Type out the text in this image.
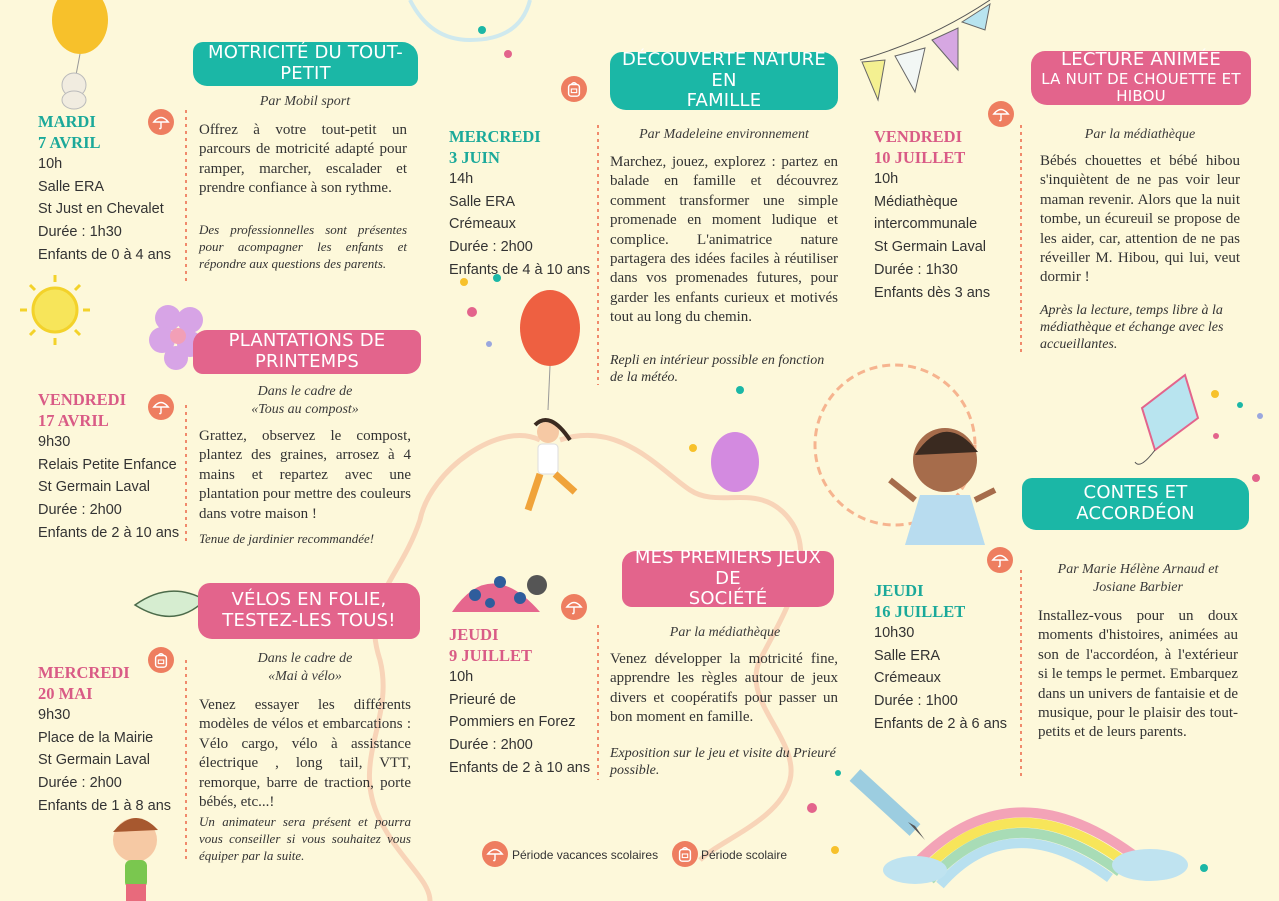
MOTRICITÉ DU TOUT-PETIT
Par Mobil sport
MARDI
7 AVRIL
10h
Salle ERA
St Just en Chevalet
Durée : 1h30
Enfants de 0 à 4 ans
Offrez à votre tout-petit un parcours de motricité adapté pour ramper, marcher, escalader et prendre confiance à son rythme.
Des professionnelles sont présentes pour acompagner les enfants et répondre aux questions des parents.
PLANTATIONS DE PRINTEMPS
Dans le cadre de
«Tous au compost»
VENDREDI
17 AVRIL
9h30
Relais Petite Enfance
St Germain Laval
Durée : 2h00
Enfants de 2 à 10 ans
Grattez, observez le compost, plantez des graines, arrosez à 4 mains et repartez avec une plantation pour mettre des couleurs dans votre maison !
Tenue de jardinier recommandée!
VÉLOS EN FOLIE,
TESTEZ-LES TOUS!
Dans le cadre de
«Mai à vélo»
MERCREDI
20 MAI
9h30
Place de la Mairie
St Germain Laval
Durée : 2h00
Enfants de 1 à 8 ans
Venez essayer les différents modèles de vélos et embarcations : Vélo cargo, vélo à assistance électrique , long tail, VTT, remorque, barre de traction, porte bébés, etc...!
Un animateur sera présent et pourra vous conseiller si vous souhaitez vous équiper par la suite.
DÉCOUVERTE NATURE EN
FAMILLE
Par Madeleine environnement
MERCREDI
3 JUIN
14h
Salle ERA
Crémeaux
Durée : 2h00
Enfants de 4 à 10 ans
Marchez, jouez, explorez : partez en balade en famille et découvrez comment transformer une simple promenade en moment ludique et complice. L'animatrice nature partagera des idées faciles à réutiliser dans vos promenades futures, pour garder les enfants curieux et motivés tout au long du chemin.
Repli en intérieur possible en fonction de la météo.
MES PREMIERS JEUX DE
SOCIÉTÉ
Par la médiathèque
JEUDI
9 JUILLET
10h
Prieuré de
Pommiers en Forez
Durée : 2h00
Enfants de 2 à 10 ans
Venez développer la motricité fine, apprendre les règles autour de jeux divers et coopératifs pour passer un bon moment en famille.
Exposition sur le jeu et visite du Prieuré possible.
LECTURE ANIMÉE
LA NUIT DE CHOUETTE ET HIBOU
Par la médiathèque
VENDREDI
10 JUILLET
10h
Médiathèque
intercommunale
St Germain Laval
Durée : 1h30
Enfants dès 3 ans
Bébés chouettes et bébé hibou s'inquiètent de ne pas voir leur maman revenir. Alors que la nuit tombe, un écureuil se propose de les aider, car, attention de ne pas réveiller M. Hibou, qui lui, veut dormir !
Après la lecture, temps libre à la médiathèque et échange avec les accueillantes.
CONTES ET ACCORDÉON
Par Marie Hélène Arnaud et
Josiane Barbier
JEUDI
16 JUILLET
10h30
Salle ERA
Crémeaux
Durée : 1h00
Enfants de 2 à 6 ans
Installez-vous pour un doux moments d'histoires, animées au son de l'accordéon, à l'extérieur si le temps le permet. Embarquez dans un univers de fantaisie et de musique, pour le plaisir des tout-petits et de leurs parents.
Période vacances scolaires	Période scolaire
